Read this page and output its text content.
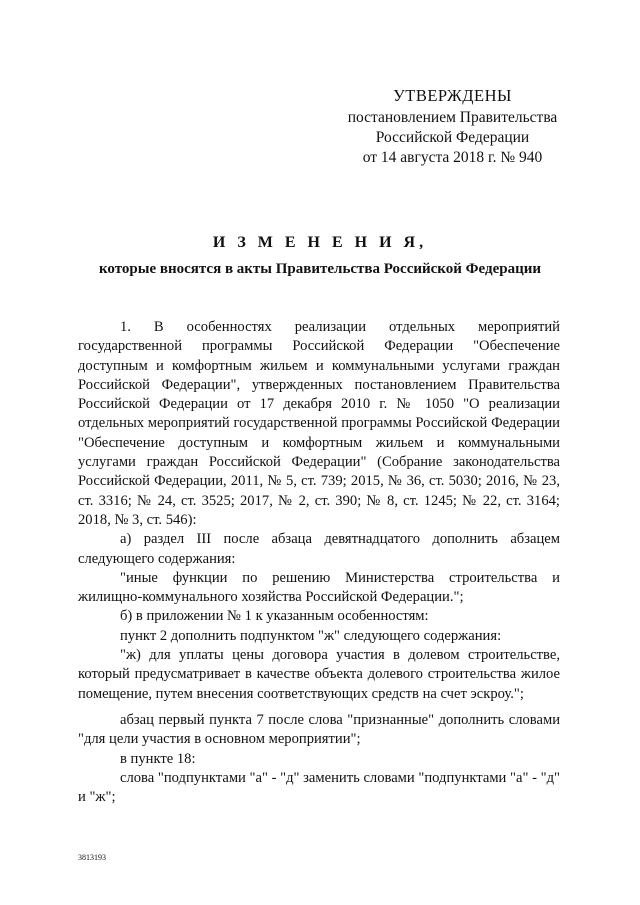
УТВЕРЖДЕНЫ
постановлением Правительства
Российской Федерации
от 14 августа 2018 г. № 940
И З М Е Н Е Н И Я,
которые вносятся в акты Правительства Российской Федерации

1. В особенностях реализации отдельных мероприятий государственной программы Российской Федерации "Обеспечение доступным и комфортным жильем и коммунальными услугами граждан Российской Федерации", утвержденных постановлением Правительства Российской Федерации от 17 декабря 2010 г. № 1050 "О реализации отдельных мероприятий государственной программы Российской Федерации "Обеспечение доступным и комфортным жильем и коммунальными услугами граждан Российской Федерации" (Собрание законодательства Российской Федерации, 2011, № 5, ст. 739; 2015, № 36, ст. 5030; 2016, № 23, ст. 3316; № 24, ст. 3525; 2017, № 2, ст. 390; № 8, ст. 1245; № 22, ст. 3164; 2018, № 3, ст. 546):

а) раздел III после абзаца девятнадцатого дополнить абзацем следующего содержания:

"иные функции по решению Министерства строительства и жилищно-коммунального хозяйства Российской Федерации.";

б) в приложении № 1 к указанным особенностям:

пункт 2 дополнить подпунктом "ж" следующего содержания:

"ж) для уплаты цены договора участия в долевом строительстве, который предусматривает в качестве объекта долевого строительства жилое помещение, путем внесения соответствующих средств на счет эскроу.";

абзац первый пункта 7 после слова "признанные" дополнить словами "для цели участия в основном мероприятии";

в пункте 18:

слова "подпунктами "а" - "д" заменить словами "подпунктами "а" - "д" и "ж";

3813193
